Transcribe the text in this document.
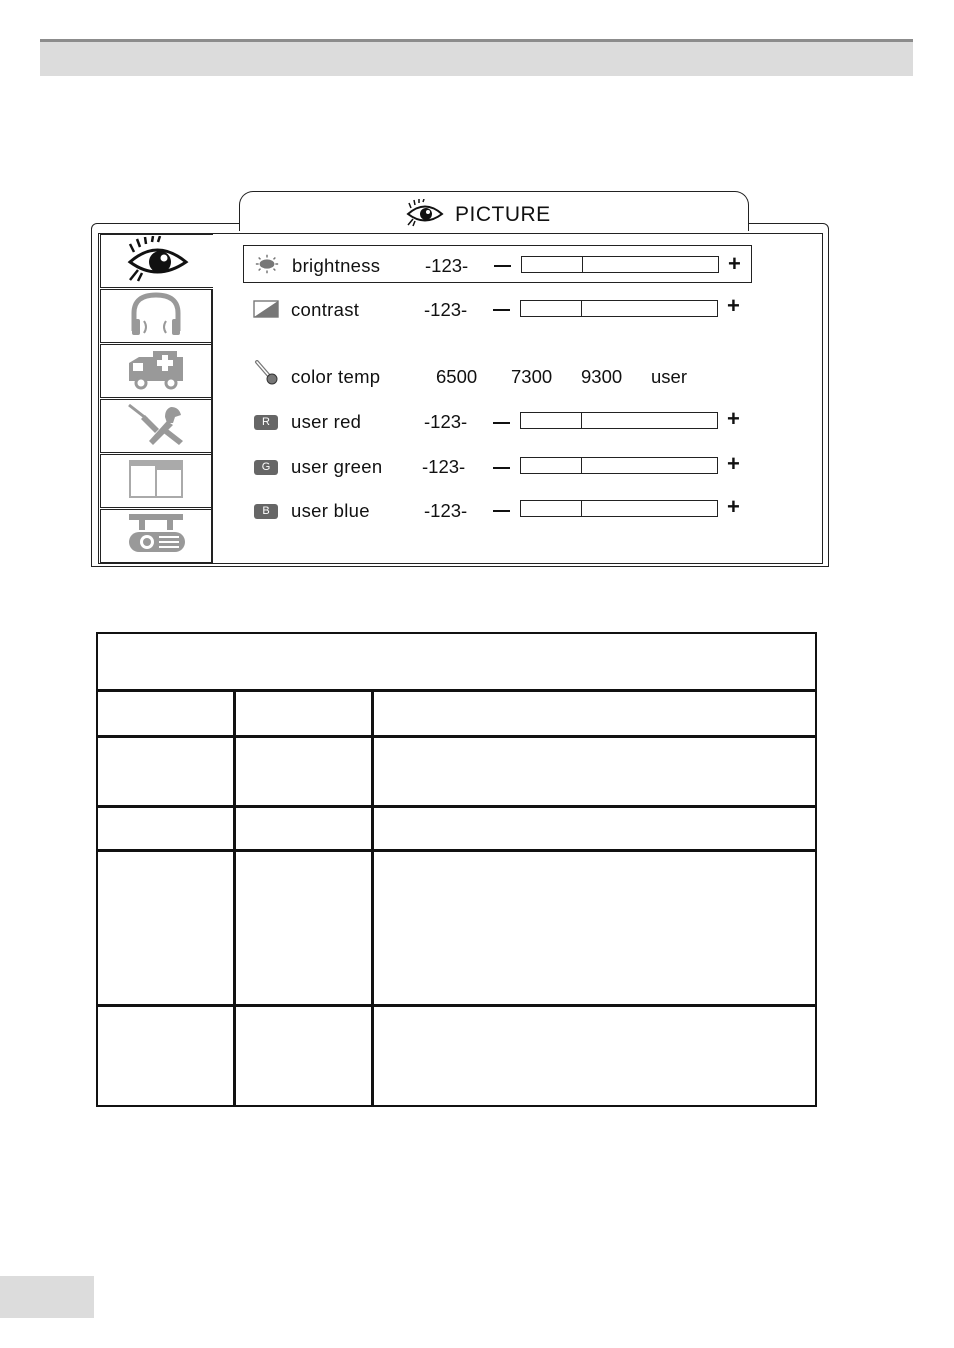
PICTURE
brightness -123-	+
contrast	-123-	+
color temp	6500 7300 9300 user
R	user red	-123-	+
G	user green -123-	+
B	user blue	-123-	+
